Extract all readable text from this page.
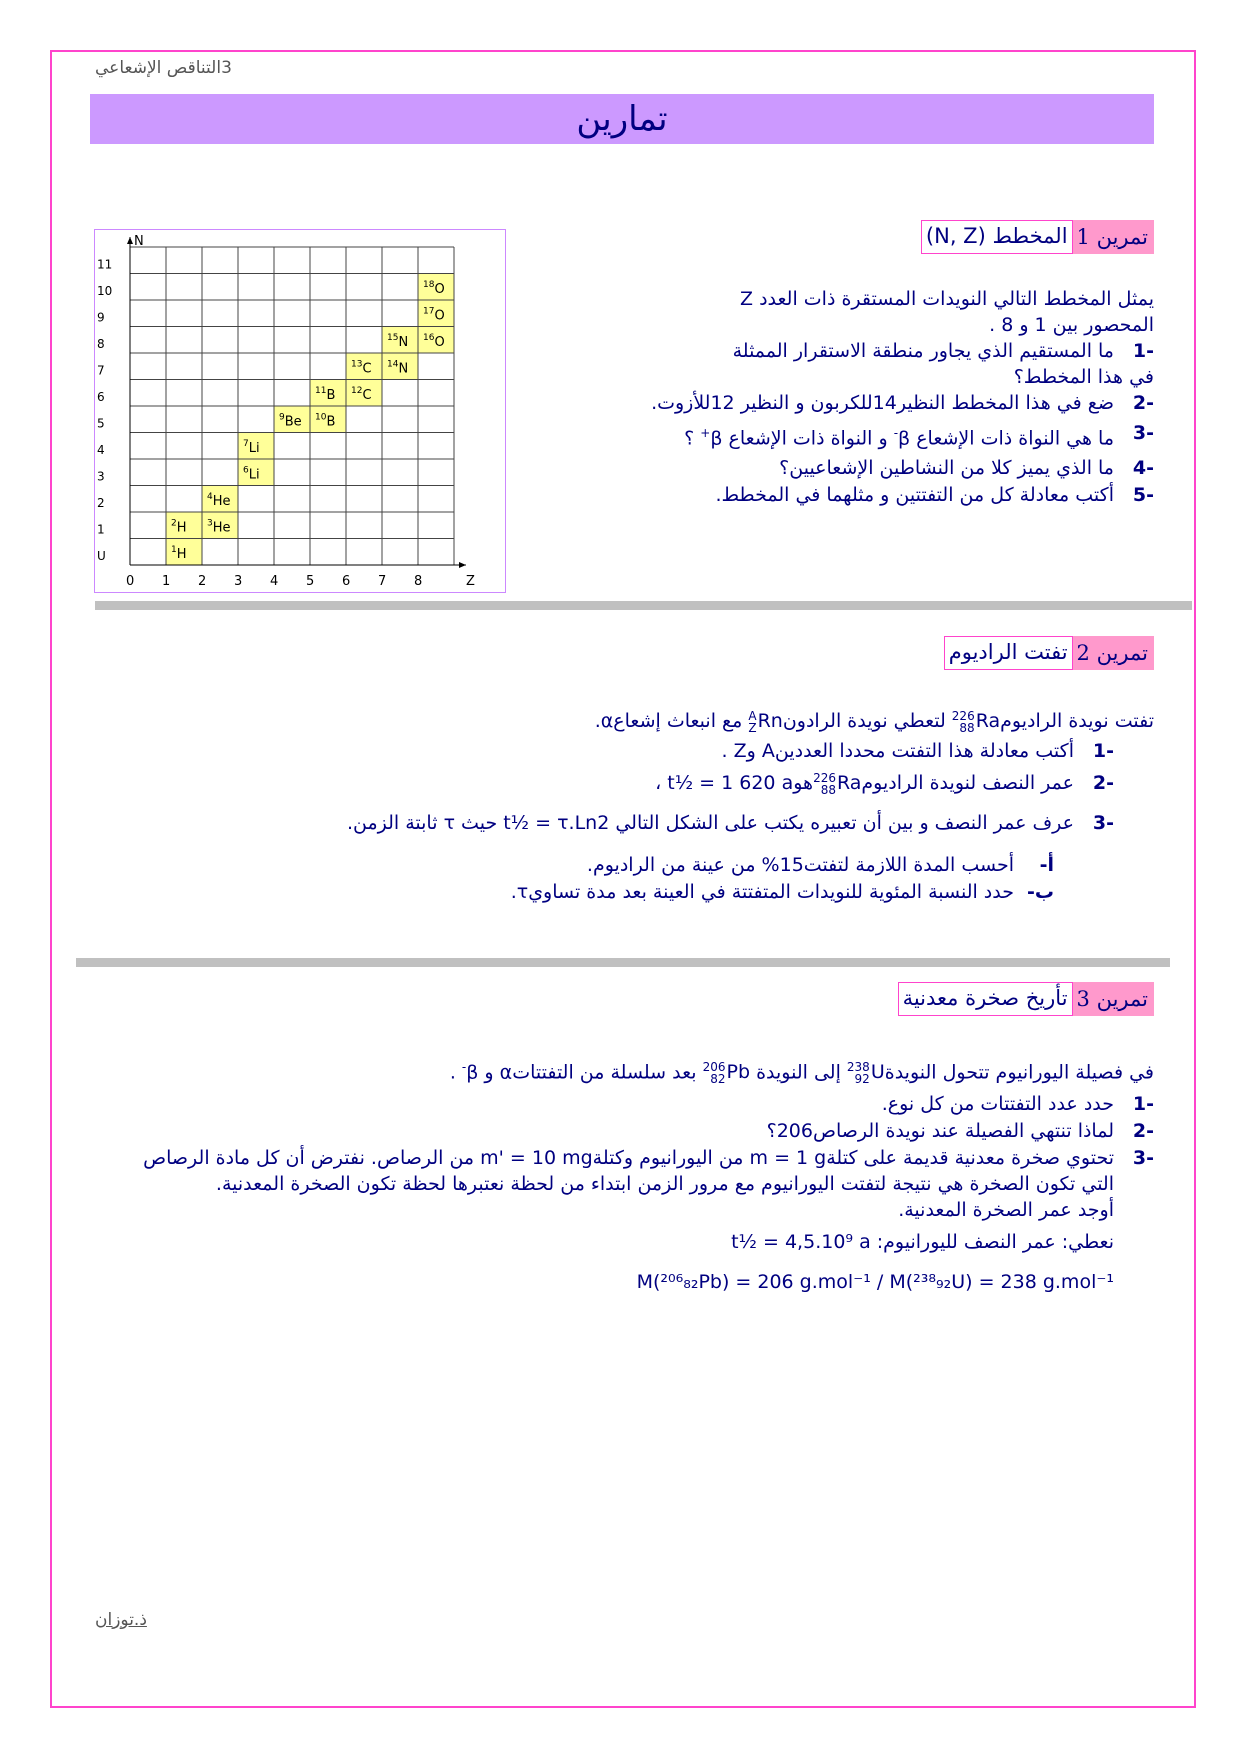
3التناقص الإشعاعي
تمارين
تمرين 1
المخطط (N, Z)
يمثل المخطط التالي النويدات المستقرة ذات العدد Z
المحصور بين 1 و 8 .
-1
ما المستقيم الذي يجاور منطقة الاستقرار الممثلة
في هذا المخطط؟
-2
ضع في هذا المخطط النظير14للكربون و النظير 12للأزوت.
-3
ما هي النواة ذات الإشعاع β- و النواة ذات الإشعاع β+ ؟
-4
ما الذي يميز كلا من النشاطين الإشعاعيين؟
-5
أكتب معادلة كل من التفتتين و مثلهما في المخطط.
Z
N
0 1 2 3 4 5 6 7 8
U
1
2
3
4
5
6
7
8
9
10
11
$^1$H
$^2$H $^3$He
$^4$He
$^6$Li
$^7$Li
$^9$Be $^{10}$B
$^{11}$B $^{12}$C
$^{13}$C $^{14}$N
$^{15}$N $^{16}$O
$^{17}$O
$^{18}$O
تمرين 2
تفتت الراديوم
تفتت نويدة الراديوم
226
88 Ra لتعطي نويدة الرادون
A
Z Rn مع انبعاث إشعاعα.
-1
أكتب معادلة هذا التفتت محددا العددينA وZ .
-2
عمر النصف لنويدة الراديوم
226
88 Raهوt½ = 1 620 a ،
-3
عرف عمر النصف و بين أن تعبيره يكتب على الشكل التالي t½ = τ.Ln2 حيث τ ثابتة الزمن.
أ-
أحسب المدة اللازمة لتفتت15% من عينة من الراديوم.
ب-
حدد النسبة المئوية للنويدات المتفتتة في العينة بعد مدة تساويτ.
تمرين 3
تأريخ صخرة معدنية
في فصيلة اليورانيوم تتحول النويدة
238
92 U إلى النويدة
206
82 Pb بعد سلسلة من التفتتاتα و β- .
-1
حدد عدد التفتتات من كل نوع.
-2
لماذا تنتهي الفصيلة عند نويدة الرصاص206؟
-3
تحتوي صخرة معدنية قديمة على كتلةm = 1 g من اليورانيوم وكتلةm' = 10 mg من الرصاص. نفترض أن كل مادة الرصاص التي تكون الصخرة هي نتيجة لتفتت اليورانيوم مع مرور الزمن ابتداء من لحظة نعتبرها لحظة تكون الصخرة المعدنية.
أوجد عمر الصخرة المعدنية.
نعطي: عمر النصف لليورانيوم: t½ = 4,5.10⁹ a
M(²⁰⁶₈₂Pb) = 206 g.mol⁻¹ / M(²³⁸₉₂U) = 238 g.mol⁻¹
ذ.توزان
